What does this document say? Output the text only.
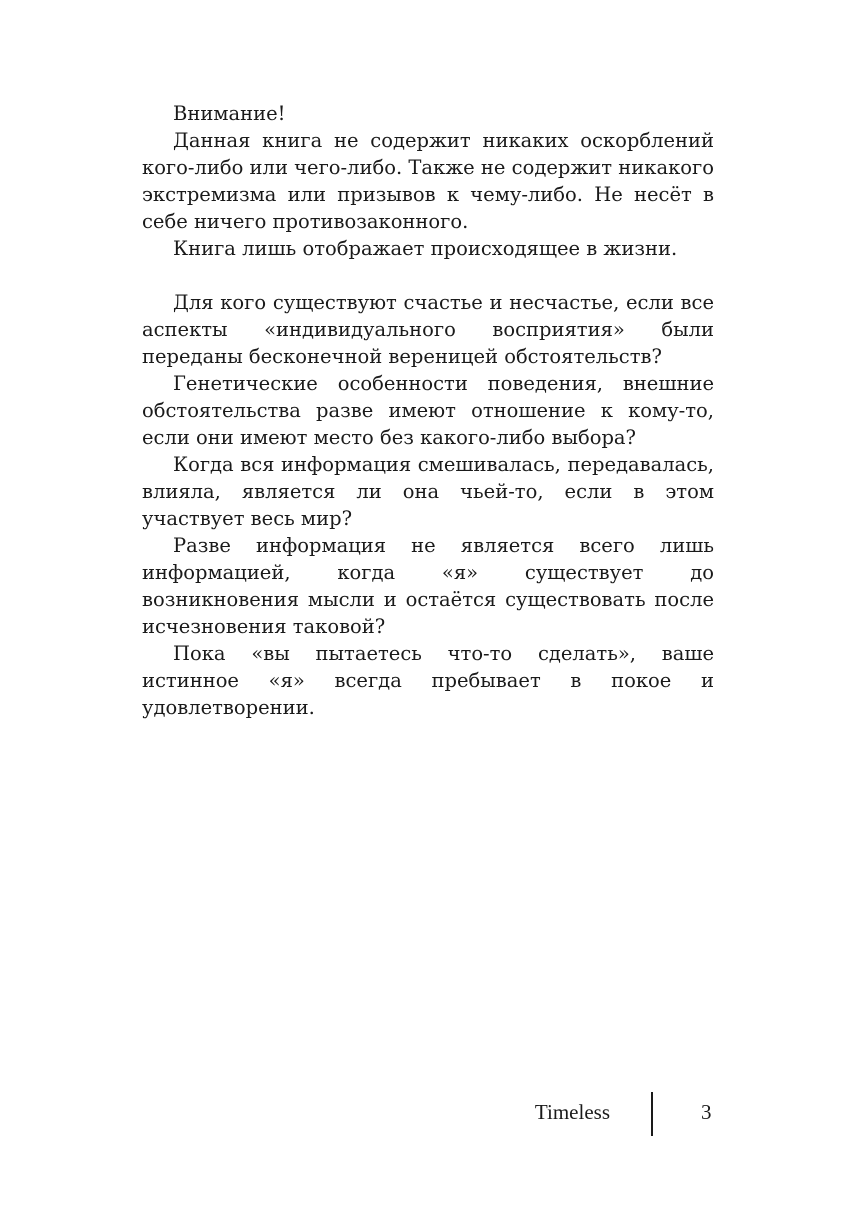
Внимание!

Данная книга не содержит никаких оскорблений кого-либо или чего-либо. Также не содержит никакого экстремизма или призывов к чему-либо. Не несёт в себе ничего противозаконного.

Книга лишь отображает происходящее в жизни.

Для кого существуют счастье и несчастье, если все аспекты «индивидуального восприятия» были переданы бесконечной вереницей обстоятельств?

Генетические особенности поведения, внешние обстоятельства разве имеют отношение к кому-то, если они имеют место без какого-либо выбора?

Когда вся информация смешивалась, передавалась, влияла, является ли она чьей-то, если в этом участвует весь мир?

Разве информация не является всего лишь информацией, когда «я» существует до возникновения мысли и остаётся существовать после исчезновения таковой?

Пока «вы пытаетесь что-то сделать», ваше истинное «я» всегда пребывает в покое и удовлетворении.

Timeless	3
